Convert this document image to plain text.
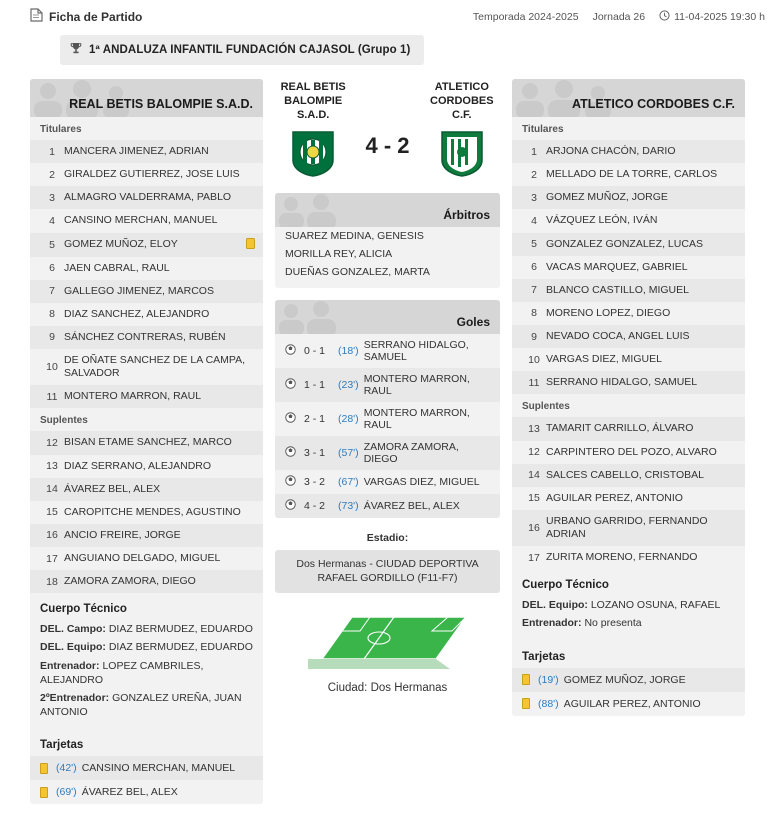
Ficha de Partido	Temporada 2024-2025 Jornada 26	11-04-2025 19:30 h
1ª ANDALUZA INFANTIL FUNDACIÓN CAJASOL (Grupo 1)
REAL BETIS BALOMPIE S.A.D.
Titulares
1 MANCERA JIMENEZ, ADRIAN
2 GIRALDEZ GUTIERREZ, JOSE LUIS
3 ALMAGRO VALDERRAMA, PABLO
4 CANSINO MERCHAN, MANUEL
5 GOMEZ MUÑOZ, ELOY
6 JAEN CABRAL, RAUL
7 GALLEGO JIMENEZ, MARCOS
8 DIAZ SANCHEZ, ALEJANDRO
9 SÁNCHEZ CONTRERAS, RUBÉN
10
DE OÑATE SANCHEZ DE LA CAMPA, SALVADOR
11 MONTERO MARRON, RAUL
Suplentes
12 BISAN ETAME SANCHEZ, MARCO
13 DIAZ SERRANO, ALEJANDRO
14 ÁVAREZ BEL, ALEX
15 CAROPITCHE MENDES, AGUSTINO
16 ANCIO FREIRE, JORGE
17 ANGUIANO DELGADO, MIGUEL
18 ZAMORA ZAMORA, DIEGO
Cuerpo Técnico
DEL. Campo: DIAZ BERMUDEZ, EDUARDO
DEL. Equipo: DIAZ BERMUDEZ, EDUARDO
Entrenador: LOPEZ CAMBRILES, ALEJANDRO
2ºEntrenador: GONZALEZ UREÑA, JUAN ANTONIO
Tarjetas
(42') CANSINO MERCHAN, MANUEL
(69') ÁVAREZ BEL, ALEX
REAL BETIS BALOMPIE S.A.D.
4 - 2
ATLETICO CORDOBES C.F.
Árbitros
SUAREZ MEDINA, GENESIS
MORILLA REY, ALICIA
DUEÑAS GONZALEZ, MARTA
Goles
0 - 1	(18') SERRANO HIDALGO, SAMUEL
1 - 1	(23') MONTERO MARRON, RAUL
2 - 1	(28') MONTERO MARRON, RAUL
3 - 1	(57') ZAMORA ZAMORA, DIEGO
3 - 2	(67') VARGAS DIEZ, MIGUEL
4 - 2	(73') ÁVAREZ BEL, ALEX
Estadio:
Dos Hermanas - CIUDAD DEPORTIVA RAFAEL GORDILLO (F11-F7)
Ciudad: Dos Hermanas
ATLETICO CORDOBES C.F.
Titulares
1 ARJONA CHACÓN, DARIO
2 MELLADO DE LA TORRE, CARLOS
3 GOMEZ MUÑOZ, JORGE
4 VÁZQUEZ LEÓN, IVÁN
5 GONZALEZ GONZALEZ, LUCAS
6 VACAS MARQUEZ, GABRIEL
7 BLANCO CASTILLO, MIGUEL
8 MORENO LOPEZ, DIEGO
9 NEVADO COCA, ANGEL LUIS
10 VARGAS DIEZ, MIGUEL
11 SERRANO HIDALGO, SAMUEL
Suplentes
13 TAMARIT CARRILLO, ÁLVARO
12 CARPINTERO DEL POZO, ALVARO
14 SALCES CABELLO, CRISTOBAL
15 AGUILAR PEREZ, ANTONIO
16
URBANO GARRIDO, FERNANDO ADRIAN
17 ZURITA MORENO, FERNANDO
Cuerpo Técnico
DEL. Equipo: LOZANO OSUNA, RAFAEL
Entrenador: No presenta
Tarjetas
(19') GOMEZ MUÑOZ, JORGE
(88') AGUILAR PEREZ, ANTONIO
